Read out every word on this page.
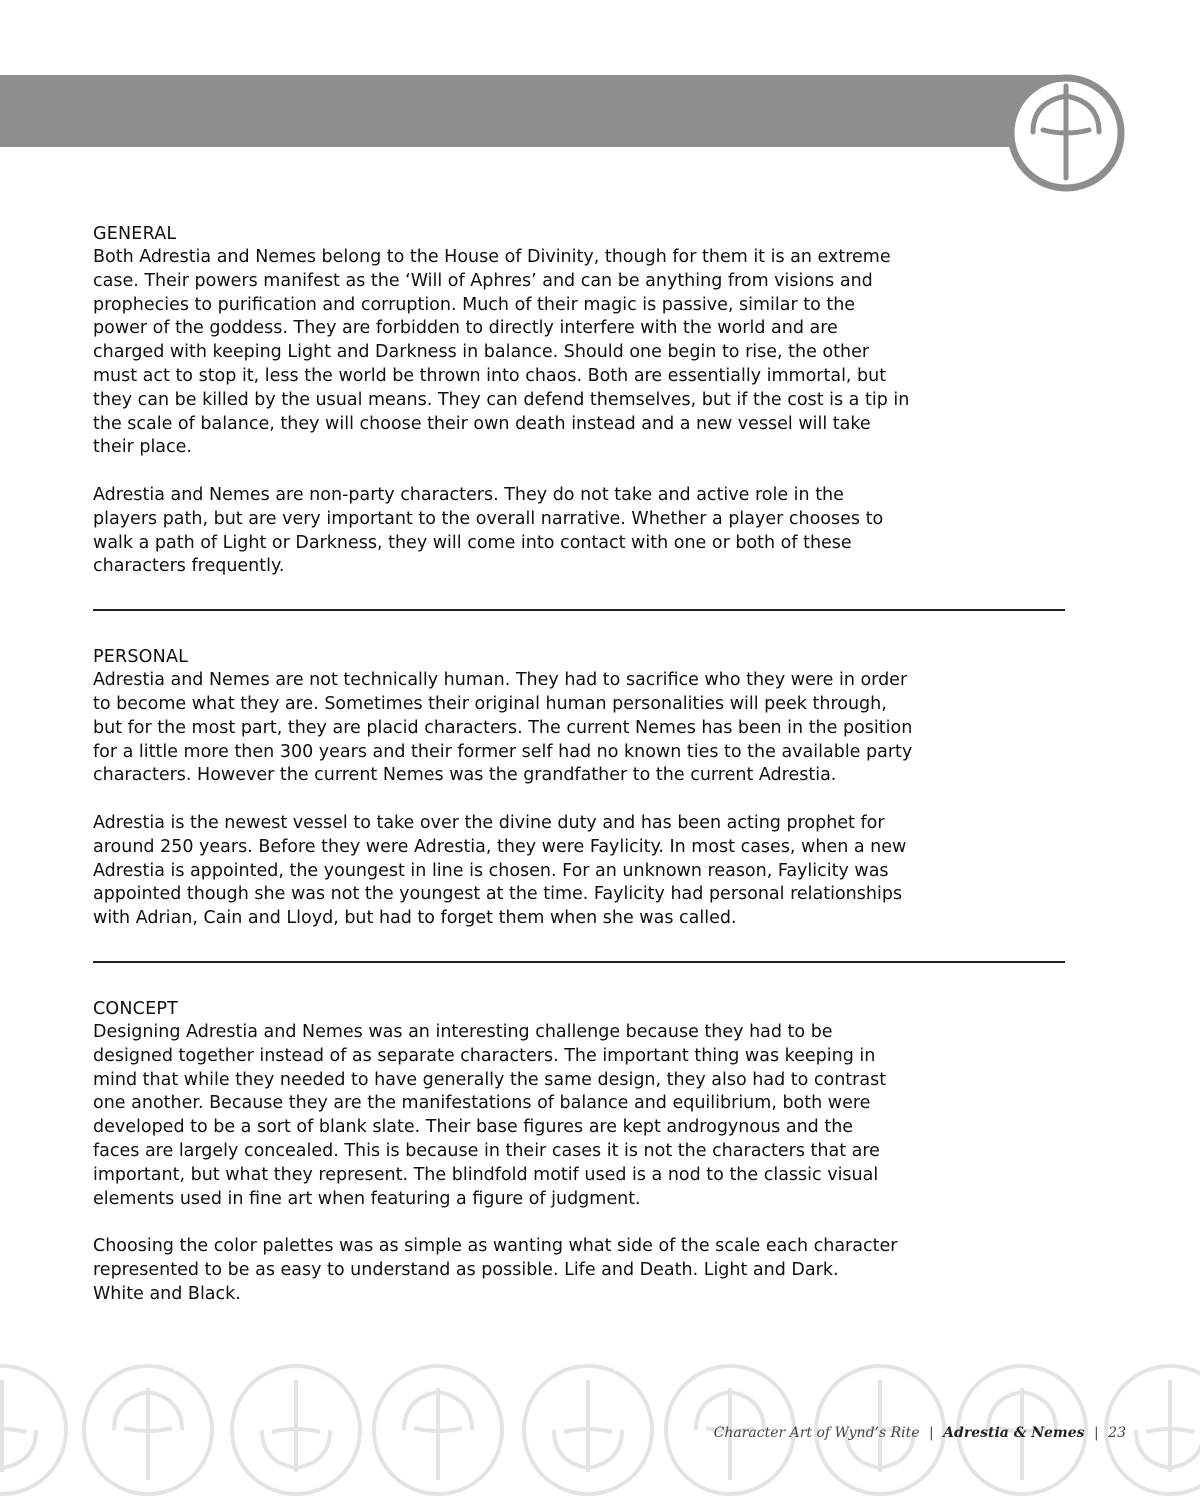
GENERAL

Both Adrestia and Nemes belong to the House of Divinity, though for them it is an extreme
case. Their powers manifest as the ‘Will of Aphres’ and can be anything from visions and
prophecies to purification and corruption. Much of their magic is passive, similar to the
power of the goddess. They are forbidden to directly interfere with the world and are
charged with keeping Light and Darkness in balance. Should one begin to rise, the other
must act to stop it, less the world be thrown into chaos. Both are essentially immortal, but
they can be killed by the usual means. They can defend themselves, but if the cost is a tip in
the scale of balance, they will choose their own death instead and a new vessel will take
their place.

Adrestia and Nemes are non-party characters. They do not take and active role in the
players path, but are very important to the overall narrative. Whether a player chooses to
walk a path of Light or Darkness, they will come into contact with one or both of these
characters frequently.

PERSONAL

Adrestia and Nemes are not technically human. They had to sacrifice who they were in order
to become what they are. Sometimes their original human personalities will peek through,
but for the most part, they are placid characters. The current Nemes has been in the position
for a little more then 300 years and their former self had no known ties to the available party
characters. However the current Nemes was the grandfather to the current Adrestia.

Adrestia is the newest vessel to take over the divine duty and has been acting prophet for
around 250 years. Before they were Adrestia, they were Faylicity. In most cases, when a new
Adrestia is appointed, the youngest in line is chosen. For an unknown reason, Faylicity was
appointed though she was not the youngest at the time. Faylicity had personal relationships
with Adrian, Cain and Lloyd, but had to forget them when she was called.

CONCEPT

Designing Adrestia and Nemes was an interesting challenge because they had to be
designed together instead of as separate characters. The important thing was keeping in
mind that while they needed to have generally the same design, they also had to contrast
one another. Because they are the manifestations of balance and equilibrium, both were
developed to be a sort of blank slate. Their base figures are kept androgynous and the
faces are largely concealed. This is because in their cases it is not the characters that are
important, but what they represent. The blindfold motif used is a nod to the classic visual
elements used in fine art when featuring a figure of judgment.

Choosing the color palettes was as simple as wanting what side of the scale each character
represented to be as easy to understand as possible. Life and Death. Light and Dark.
White and Black.

Character Art of Wynd’s Rite | Adrestia & Nemes | 23
